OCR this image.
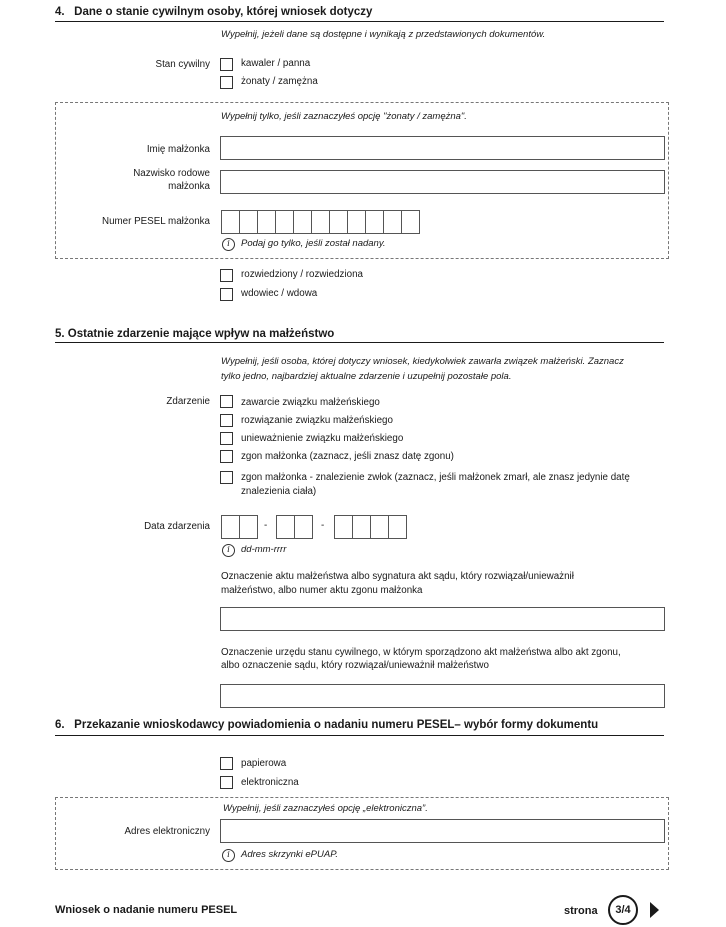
4.   Dane o stanie cywilnym osoby, której wniosek dotyczy
Wypełnij, jeżeli dane są dostępne i wynikają z przedstawionych dokumentów.
Stan cywilny	kawaler / panna
żonaty / zamężna
Wypełnij tylko, jeśli zaznaczyłeś opcję "żonaty / zamężna".
Imię małżonka
Nazwisko rodowe
małżonka
Numer PESEL małżonka
i	Podaj go tylko, jeśli został nadany.
rozwiedziony / rozwiedziona
wdowiec / wdowa
5. Ostatnie zdarzenie mające wpływ na małżeństwo
Wypełnij, jeśli osoba, której dotyczy wniosek, kiedykolwiek zawarła związek małżeński. Zaznacz
tylko jedno, najbardziej aktualne zdarzenie i uzupełnij pozostałe pola.
Zdarzenie	zawarcie związku małżeńskiego
rozwiązanie związku małżeńskiego
unieważnienie związku małżeńskiego
zgon małżonka (zaznacz, jeśli znasz datę zgonu)
zgon małżonka - znalezienie zwłok (zaznacz, jeśli małżonek zmarł, ale znasz jedynie datę
znalezienia ciała)
Data zdarzenia	-	-
i	dd-mm-rrrr
Oznaczenie aktu małżeństwa albo sygnatura akt sądu, który rozwiązał/unieważnił
małżeństwo, albo numer aktu zgonu małżonka
Oznaczenie urzędu stanu cywilnego, w którym sporządzono akt małżeństwa albo akt zgonu,
albo oznaczenie sądu, który rozwiązał/unieważnił małżeństwo
6.   Przekazanie wnioskodawcy powiadomienia o nadaniu numeru PESEL– wybór formy dokumentu
papierowa
elektroniczna
Wypełnij, jeśli zaznaczyłeś opcję „elektroniczna”.
Adres elektroniczny
i	Adres skrzynki ePUAP.
Wniosek o nadanie numeru PESEL	strona	3/4
